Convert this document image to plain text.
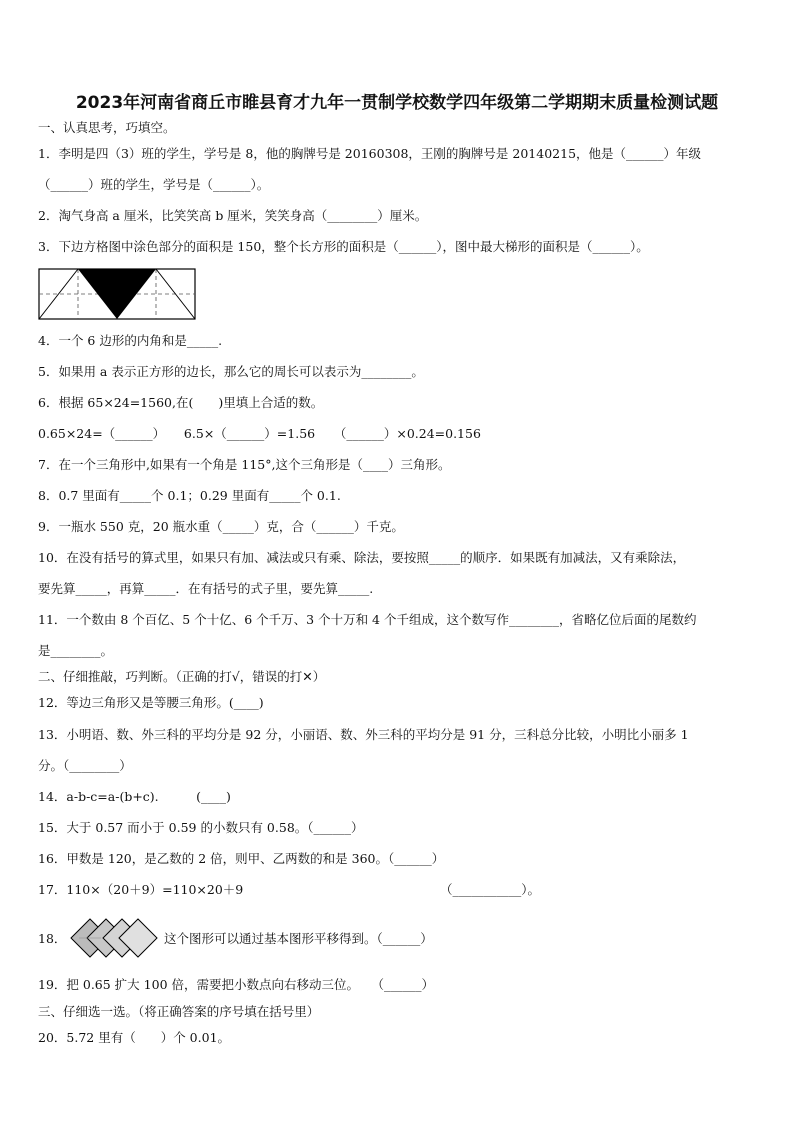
2023年河南省商丘市睢县育才九年一贯制学校数学四年级第二学期期末质量检测试题
一、认真思考，巧填空。
1．李明是四（3）班的学生，学号是 8，他的胸牌号是 20160308，王刚的胸牌号是 20140215，他是（______）年级
（______）班的学生，学号是（______）。
2．淘气身高 a 厘米，比笑笑高 b 厘米，笑笑身高（________）厘米。
3．下边方格图中涂色部分的面积是 150，整个长方形的面积是（______），图中最大梯形的面积是（______）。
4．一个 6 边形的内角和是_____.
5．如果用 a 表示正方形的边长，那么它的周长可以表示为________。
6．根据 65×24=1560,在(　　)里填上合适的数。
0.65×24=（______）　　6.5×（______）=1.56　　（______）×0.24=0.156
7．在一个三角形中,如果有一个角是 115°,这个三角形是（____）三角形。
8．0.7 里面有_____个 0.1；0.29 里面有_____个 0.1.
9．一瓶水 550 克，20 瓶水重（_____）克，合（______）千克。
10．在没有括号的算式里，如果只有加、减法或只有乘、除法，要按照_____的顺序．如果既有加减法，又有乘除法，
要先算_____，再算_____．在有括号的式子里，要先算_____.
11．一个数由 8 个百亿、5 个十亿、6 个千万、3 个十万和 4 个千组成，这个数写作________，省略亿位后面的尾数约
是________。
二、仔细推敲，巧判断。（正确的打√，错误的打✕）
12．等边三角形又是等腰三角形。(____)
13．小明语、数、外三科的平均分是 92 分，小丽语、数、外三科的平均分是 91 分，三科总分比较，小明比小丽多 1
分。（________）
14．a-b-c=a-(b+c).　　　(____)
15．大于 0.57 而小于 0.59 的小数只有 0.58。（______）
16．甲数是 120，是乙数的 2 倍，则甲、乙两数的和是 360。（______）
17．110×（20＋9）=110×20＋9	（___________）。
18．	这个图形可以通过基本图形平移得到。（______）
19．把 0.65 扩大 100 倍，需要把小数点向右移动三位。　　（______）
三、仔细选一选。（将正确答案的序号填在括号里）
20．5.72 里有（　　）个 0.01。
